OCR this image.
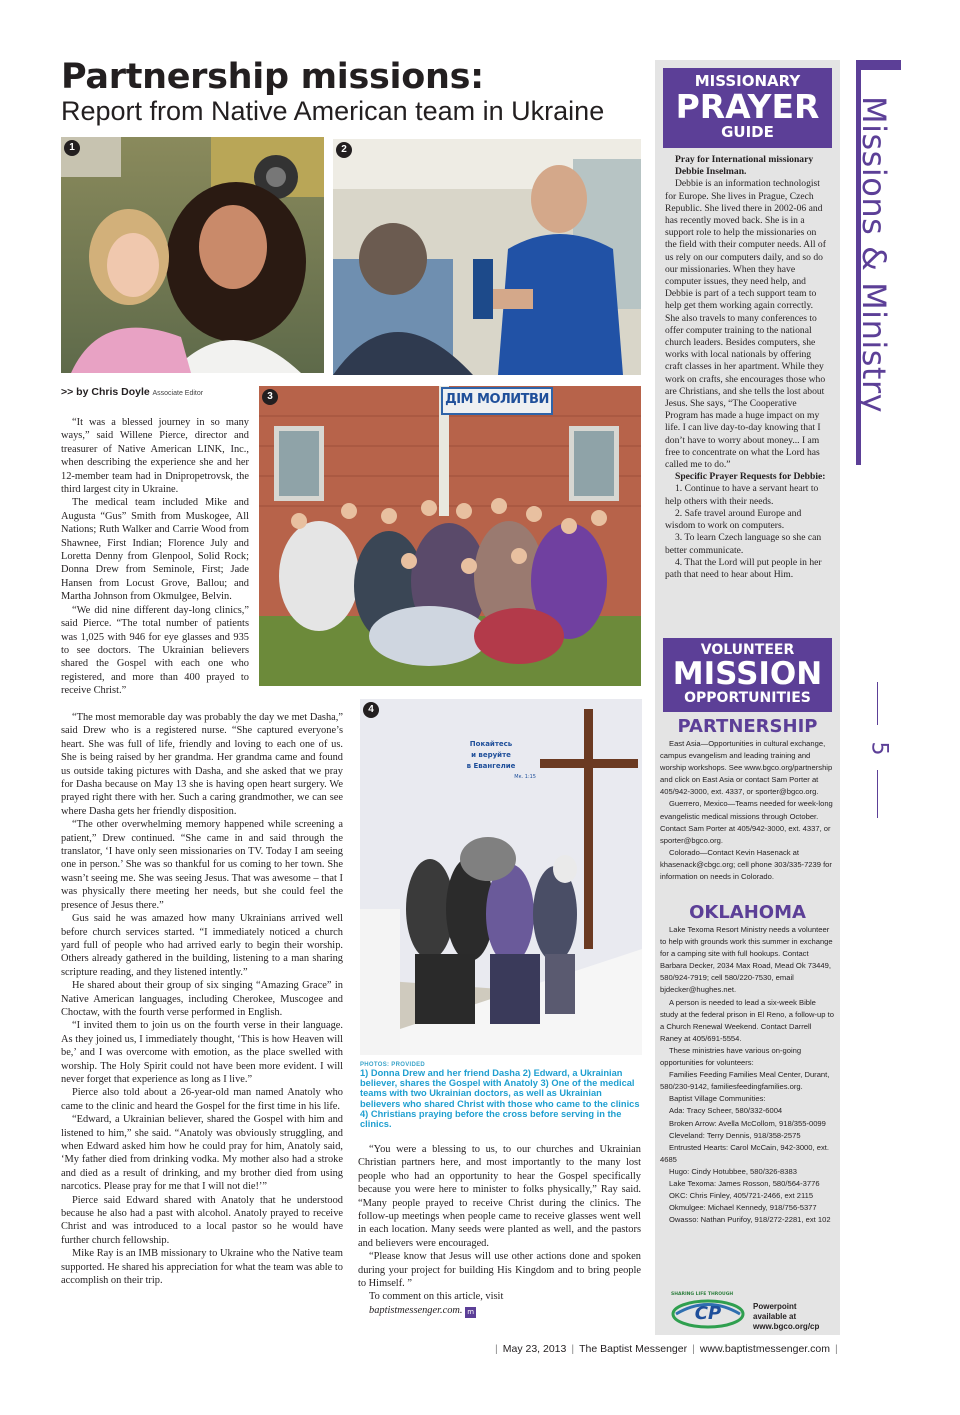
Partnership missions:
Report from Native American team in Ukraine
1	2
ДІМ МОЛИТВИ
3
Покайтесь
и веруйте
в Евангелие
Мк. 1:15
4
>> by Chris Doyle Associate Editor

“It was a blessed journey in so many ways,” said Willene Pierce, director and treasurer of Native American LINK, Inc., when describing the experience she and her 12-member team had in Dnipropetrovsk, the third largest city in Ukraine.

The medical team included Mike and Augusta “Gus” Smith from Muskogee, All Nations; Ruth Walker and Carrie Wood from Shawnee, First Indian; Florence July and Loretta Denny from Glenpool, Solid Rock; Donna Drew from Seminole, First; Jade Hansen from Locust Grove, Ballou; and Martha Johnson from Okmulgee, Belvin.

“We did nine different day-long clinics,” said Pierce. “The total number of patients was 1,025 with 946 for eye glasses and 935 to see doctors. The Ukrainian believers shared the Gospel with each one who registered, and more than 400 prayed to receive Christ.”

“The most memorable day was probably the day we met Dasha,” said Drew who is a registered nurse. “She captured everyone’s heart. She was full of life, friendly and loving to each one of us. She is being raised by her grandma. Her grandma came and found us outside taking pictures with Dasha, and she asked that we pray for Dasha because on May 13 she is having open heart surgery. We prayed right there with her. Such a caring grandmother, we can see where Dasha gets her friendly disposition.

“The other overwhelming memory happened while screening a patient,” Drew continued. “She came in and said through the translator, ‘I have only seen missionaries on TV. Today I am seeing one in person.’ She was so thankful for us coming to her town. She wasn’t seeing me. She was seeing Jesus. That was awesome – that I was physically there meeting her needs, but she could feel the presence of Jesus there.”

Gus said he was amazed how many Ukrainians arrived well before church services started. “I immediately noticed a church yard full of people who had arrived early to begin their worship. Others already gathered in the building, listening to a man sharing scripture reading, and they listened intently.”

He shared about their group of six singing “Amazing Grace” in Native American languages, including Cherokee, Muscogee and Choctaw, with the fourth verse performed in English.

“I invited them to join us on the fourth verse in their language. As they joined us, I immediately thought, ‘This is how Heaven will be,’ and I was overcome with emotion, as the place swelled with worship. The Holy Spirit could not have been more evident. I will never forget that experience as long as I live.”

Pierce also told about a 26-year-old man named Anatoly who came to the clinic and heard the Gospel for the first time in his life.

“Edward, a Ukrainian believer, shared the Gospel with him and listened to him,” she said. “Anatoly was obviously struggling, and when Edward asked him how he could pray for him, Anatoly said, ‘My father died from drinking vodka. My mother also had a stroke and died as a result of drinking, and my brother died from using narcotics. Please pray for me that I will not die!’”

Pierce said Edward shared with Anatoly that he understood because he also had a past with alcohol. Anatoly prayed to receive Christ and was introduced to a local pastor so he would have further church fellowship.

Mike Ray is an IMB missionary to Ukraine who the Native team supported. He shared his appreciation for what the team was able to accomplish on their trip.

PHOTOS: PROVIDED
1) Donna Drew and her friend Dasha 2) Edward, a Ukrainian believer, shares the Gospel with Anatoly 3) One of the medical teams with two Ukrainian doctors, as well as Ukrainian believers who shared Christ with those who came to the clinics 4) Christians praying before the cross before serving in the clinics.

“You were a blessing to us, to our churches and Ukrainian Christian partners here, and most importantly to the many lost people who had an opportunity to hear the Gospel specifically because you were here to minister to folks physically,” Ray said. “Many people prayed to receive Christ during the clinics. The follow-up meetings when people came to receive glasses went well in each location. Many seeds were planted as well, and the pastors and believers were encouraged.

“Please know that Jesus will use other actions done and spoken during your project for building His Kingdom and to bring people to Himself. ”

To comment on this article, visit

baptistmessenger.com. m

MISSIONARY
PRAYER
GUIDE

Pray for International missionary Debbie Inselman.

Debbie is an information technologist for Europe. She lives in Prague, Czech Republic. She lived there in 2002-06 and has recently moved back. She is in a support role to help the missionaries on the field with their computer needs. All of us rely on our computers daily, and so do our missionaries. When they have computer issues, they need help, and Debbie is part of a tech support team to help get them working again correctly. She also travels to many conferences to offer computer training to the national church leaders. Besides computers, she works with local nationals by offering craft classes in her apartment. While they work on crafts, she encourages those who are Christians, and she tells the lost about Jesus. She says, “The Cooperative Program has made a huge impact on my life. I can live day-to-day knowing that I don’t have to worry about money... I am free to concentrate on what the Lord has called me to do.”

Specific Prayer Requests for Debbie:

1. Continue to have a servant heart to help others with their needs.

2. Safe travel around Europe and wisdom to work on computers.

3. To learn Czech language so she can better communicate.

4. That the Lord will put people in her path that need to hear about Him.

VOLUNTEER
MISSION
OPPORTUNITIES
PARTNERSHIP

East Asia—Opportunities in cultural exchange, campus evangelism and leading training and worship workshops. See www.bgco.org/partnership and click on East Asia or contact Sam Porter at 405/942-3000, ext. 4337, or sporter@bgco.org.

Guerrero, Mexico—Teams needed for week-long evangelistic medical missions through October. Contact Sam Porter at 405/942-3000, ext. 4337, or sporter@bgco.org.

Colorado—Contact Kevin Hasenack at khasenack@cbgc.org; cell phone 303/335-7239 for information on needs in Colorado.

OKLAHOMA

Lake Texoma Resort Ministry needs a volunteer to help with grounds work this summer in exchange for a camping site with full hookups. Contact Barbara Decker, 2034 Max Road, Mead Ok 73449, 580/924-7919; cell 580/220-7530, email bjdecker@hughes.net.

A person is needed to lead a six-week Bible study at the federal prison in El Reno, a follow-up to a Church Renewal Weekend. Contact Darrell Raney at 405/691-5554.

These ministries have various on-going opportunities for volunteers:

Families Feeding Families Meal Center, Durant, 580/230-9142, familiesfeedingfamilies.org.

Baptist Village Communities:

Ada: Tracy Scheer, 580/332-6004

Broken Arrow: Avella McCollom, 918/355-0099

Cleveland: Terry Dennis, 918/358-2575

Entrusted Hearts: Carol McCain, 942-3000, ext. 4685

Hugo: Cindy Hotubbee, 580/326-8383

Lake Texoma: James Rosson, 580/564-3776

OKC: Chris Finley, 405/721-2466, ext 2115

Okmulgee: Michael Kennedy, 918/756-5377

Owasso: Nathan Purifoy, 918/272-2281, ext 102

SHARING LIFE THROUGH
CP	Powerpoint available at www.bgco.org/cp
5
Missions & Ministry
| May 23, 2013 | The Baptist Messenger | www.baptistmessenger.com |
